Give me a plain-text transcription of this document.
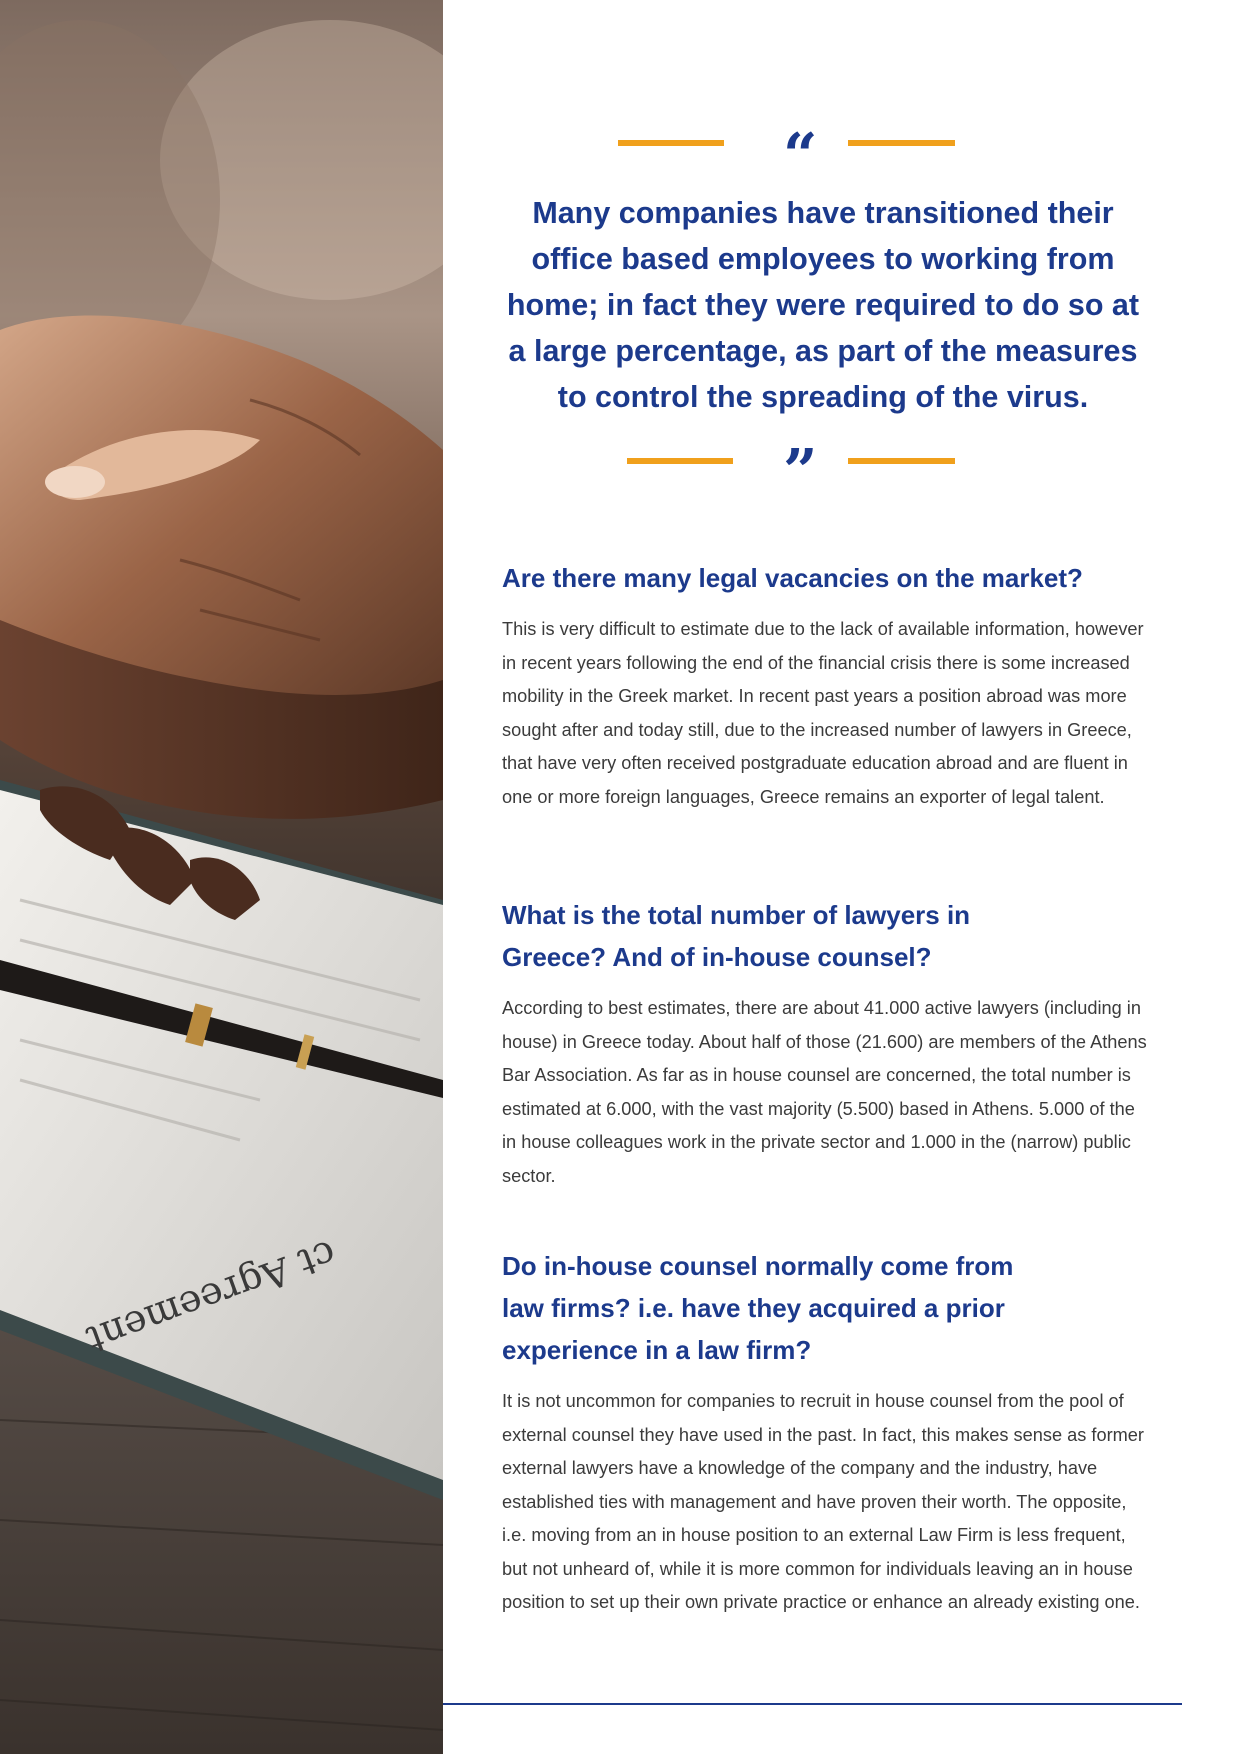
ct Agreement
“
Many companies have transitioned their office based employees to working from home; in fact they were required to do so at a large percentage, as part of the measures to control the spreading of the virus.
”
Are there many legal vacancies on the market?

This is very difficult to estimate due to the lack of available information, however in recent years following the end of the financial crisis there is some increased mobility in the Greek market. In recent past years a position abroad was more sought after and today still, due to the increased number of lawyers in Greece, that have very often received postgraduate education abroad and are fluent in one or more foreign languages, Greece remains an exporter of legal talent.

What is the total number of lawyers in Greece? And of in-house counsel?

According to best estimates, there are about 41.000 active lawyers (including in house) in Greece today. About half of those (21.600) are members of the Athens Bar Association. As far as in house counsel are concerned, the total number is estimated at 6.000, with the vast majority (5.500) based in Athens. 5.000 of the in house colleagues work in the private sector and 1.000 in the (narrow) public sector.

Do in-house counsel normally come from law firms? i.e. have they acquired a prior experience in a law firm?

It is not uncommon for companies to recruit in house counsel from the pool of external counsel they have used in the past. In fact, this makes sense as former external lawyers have a knowledge of the company and the industry, have established ties with management and have proven their worth. The opposite, i.e. moving from an in house position to an external Law Firm is less frequent, but not unheard of, while it is more common for individuals leaving an in house position to set up their own private practice or enhance an already existing one.
